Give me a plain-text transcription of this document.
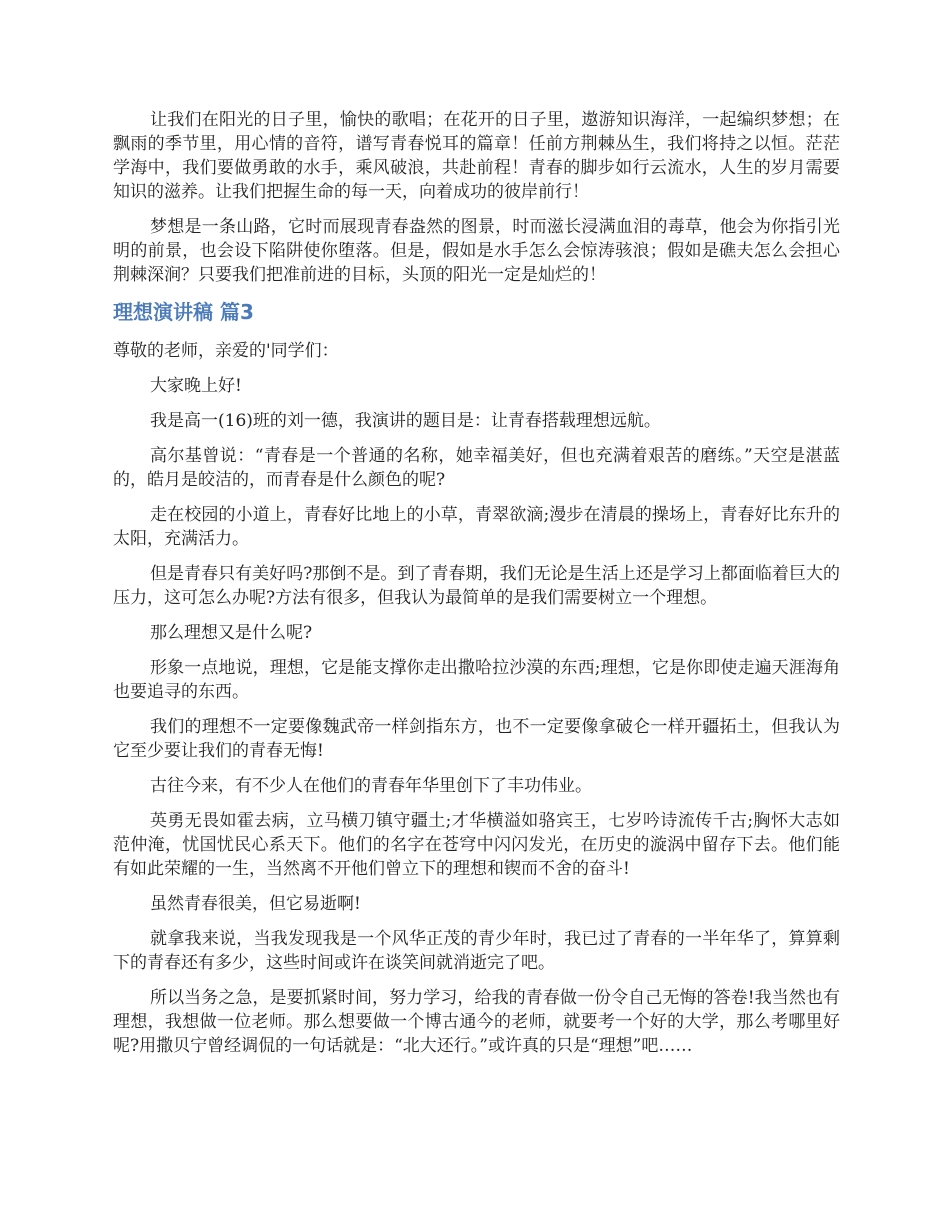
让我们在阳光的日子里，愉快的歌唱；在花开的日子里，遨游知识海洋，一起编织梦想；在飘雨的季节里，用心情的音符，谱写青春悦耳的篇章！任前方荆棘丛生，我们将持之以恒。茫茫学海中，我们要做勇敢的水手，乘风破浪，共赴前程！青春的脚步如行云流水，人生的岁月需要知识的滋养。让我们把握生命的每一天，向着成功的彼岸前行！

梦想是一条山路，它时而展现青春盎然的图景，时而滋长浸满血泪的毒草，他会为你指引光明的前景，也会设下陷阱使你堕落。但是，假如是水手怎么会惊涛骇浪；假如是礁夫怎么会担心荆棘深涧？只要我们把准前进的目标，头顶的阳光一定是灿烂的！

理想演讲稿 篇3

尊敬的老师，亲爱的'同学们：

大家晚上好!

我是高一(16)班的刘一德，我演讲的题目是：让青春搭载理想远航。

高尔基曾说：“青春是一个普通的名称，她幸福美好，但也充满着艰苦的磨练。”天空是湛蓝的，皓月是皎洁的，而青春是什么颜色的呢?

走在校园的小道上，青春好比地上的小草，青翠欲滴;漫步在清晨的操场上，青春好比东升的太阳，充满活力。

但是青春只有美好吗?那倒不是。到了青春期，我们无论是生活上还是学习上都面临着巨大的压力，这可怎么办呢?方法有很多，但我认为最简单的是我们需要树立一个理想。

那么理想又是什么呢?

形象一点地说，理想，它是能支撑你走出撒哈拉沙漠的东西;理想，它是你即使走遍天涯海角也要追寻的东西。

我们的理想不一定要像魏武帝一样剑指东方，也不一定要像拿破仑一样开疆拓土，但我认为它至少要让我们的青春无悔!

古往今来，有不少人在他们的青春年华里创下了丰功伟业。

英勇无畏如霍去病，立马横刀镇守疆土;才华横溢如骆宾王，七岁吟诗流传千古;胸怀大志如范仲淹，忧国忧民心系天下。他们的名字在苍穹中闪闪发光，在历史的漩涡中留存下去。他们能有如此荣耀的一生，当然离不开他们曾立下的理想和锲而不舍的奋斗!

虽然青春很美，但它易逝啊!

就拿我来说，当我发现我是一个风华正茂的青少年时，我已过了青春的一半年华了，算算剩下的青春还有多少，这些时间或许在谈笑间就消逝完了吧。

所以当务之急，是要抓紧时间，努力学习，给我的青春做一份令自己无悔的答卷!我当然也有理想，我想做一位老师。那么想要做一个博古通今的老师，就要考一个好的大学，那么考哪里好呢?用撒贝宁曾经调侃的一句话就是：“北大还行。”或许真的只是“理想”吧……
